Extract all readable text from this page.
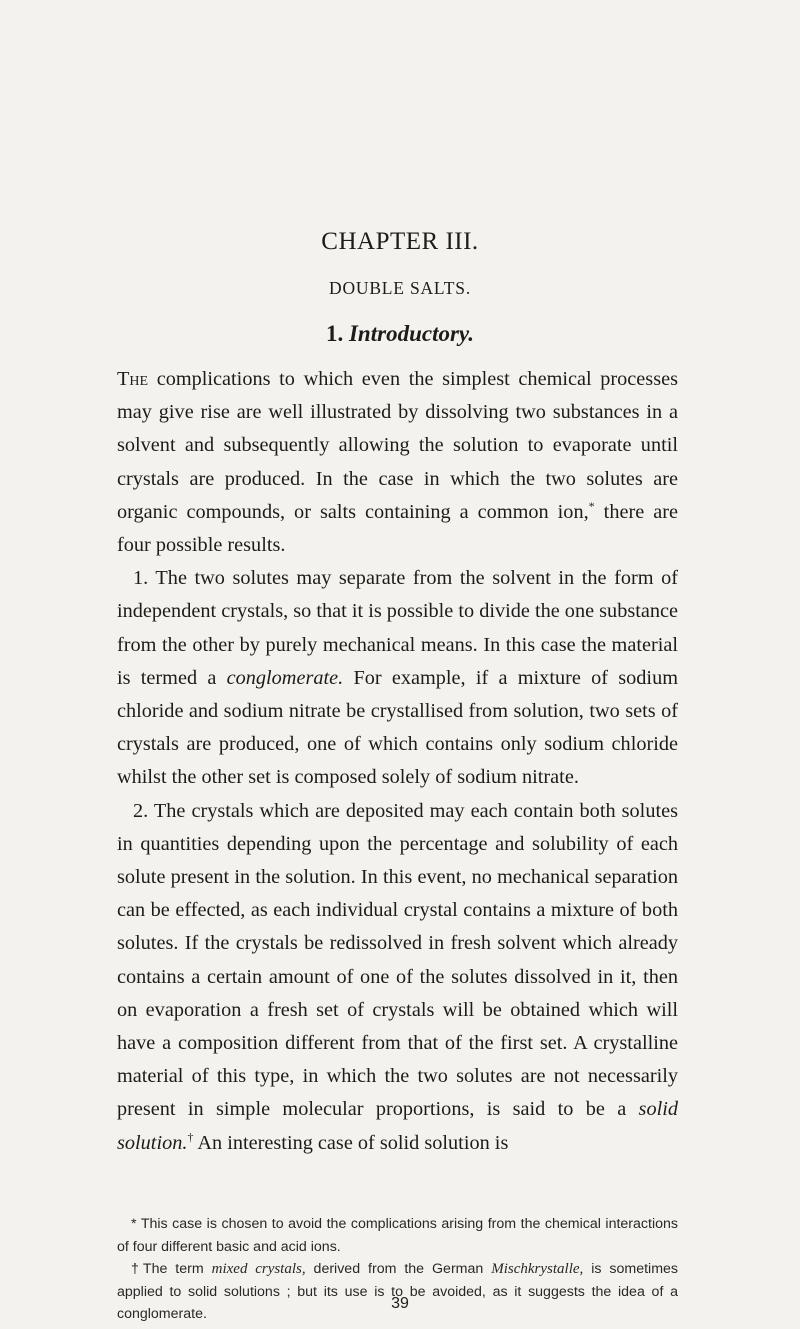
CHAPTER III.
DOUBLE SALTS.
1. Introductory.

The complications to which even the simplest chemical processes may give rise are well illustrated by dissolving two substances in a solvent and subsequently allowing the solution to evaporate until crystals are produced. In the case in which the two solutes are organic compounds, or salts containing a common ion,* there are four possible results.

1. The two solutes may separate from the solvent in the form of independent crystals, so that it is possible to divide the one substance from the other by purely mechanical means. In this case the material is termed a conglomerate. For example, if a mixture of sodium chloride and sodium nitrate be crystallised from solution, two sets of crystals are produced, one of which contains only sodium chloride whilst the other set is composed solely of sodium nitrate.

2. The crystals which are deposited may each contain both solutes in quantities depending upon the percentage and solubility of each solute present in the solution. In this event, no mechanical separation can be effected, as each individual crystal contains a mixture of both solutes. If the crystals be redissolved in fresh solvent which already contains a certain amount of one of the solutes dissolved in it, then on evaporation a fresh set of crystals will be obtained which will have a composition different from that of the first set. A crystalline material of this type, in which the two solutes are not necessarily present in simple molecular proportions, is said to be a solid solution.† An interesting case of solid solution is

* This case is chosen to avoid the complications arising from the chemical interactions of four different basic and acid ions.

†The term mixed crystals, derived from the German Mischkrystalle, is sometimes applied to solid solutions ; but its use is to be avoided, as it suggests the idea of a conglomerate.

39
